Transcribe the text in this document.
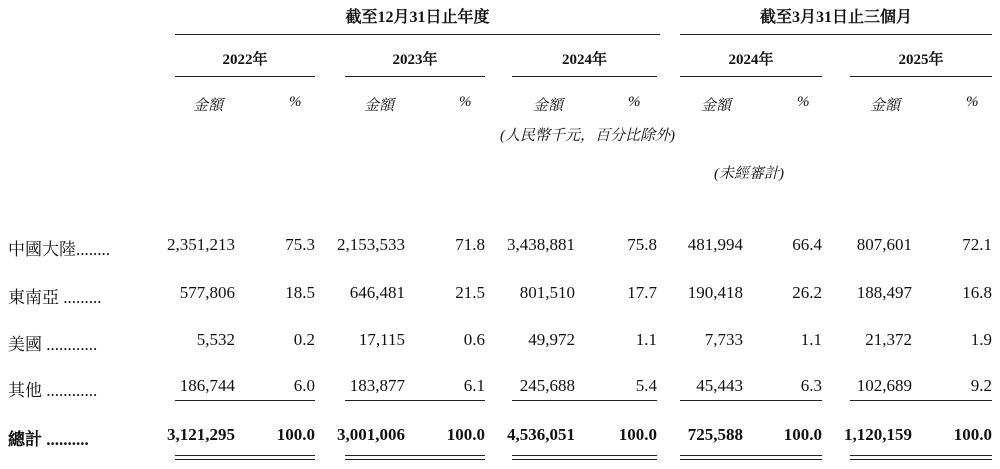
截至12月31日止年度	截至3月31日止三個月
2022年	2023年	2024年	2024年	2025年
金額	%	金額	%	金額	%	金額	%	金額	%
(人民幣千元，百分比除外)
(未經審計)
中國大陸........	2,351,213	75.3 2,153,533	71.8 3,438,881	75.8 481,994	66.4 807,601	72.1
東南亞 .........	577,806	18.5 646,481	21.5 801,510	17.7 190,418	26.2 188,497	16.8
美國 ............	5,532	0.2	17,115	0.6	49,972	1.1	7,733	1.1	21,372	1.9
其他 ............	186,744	6.0 183,877	6.1 245,688	5.4 45,443	6.3 102,689	9.2
總計 ..........	3,121,295 100.0 3,001,006 100.0 4,536,051	100.0 725,588 100.0 1,120,159 100.0
